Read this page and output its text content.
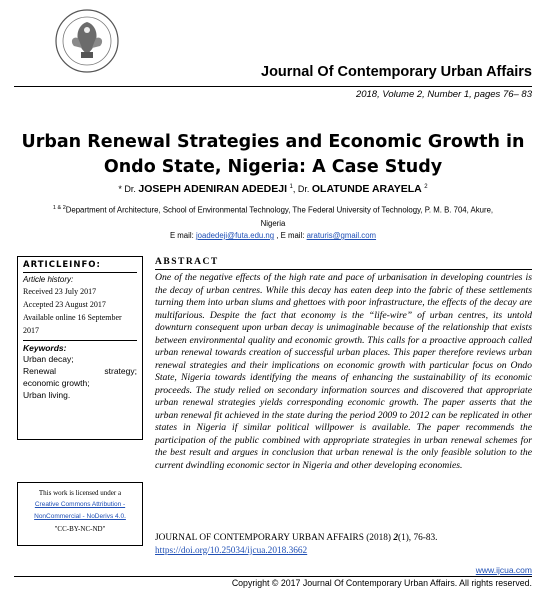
Journal Of Contemporary Urban Affairs
2018, Volume 2, Number 1, pages 76– 83
Urban Renewal Strategies and Economic Growth in
Ondo State, Nigeria: A Case Study
* Dr. JOSEPH ADENIRAN ADEDEJI $^1$, Dr. OLATUNDE ARAYELA $^2$
$^{1 \& 2}$Department of Architecture, School of Environmental Technology, The Federal University of Technology, P. M. B. 704, Akure,
Nigeria
E mail: joadedeji@futa.edu.ng , E mail: araturis@gmail.com
ARTICLEINFO:
Article history:
Received 23 July 2017
Accepted 23 August 2017
Available online 16 September
2017
Keywords:
Urban decay;
Renewal         strategy;
economic growth;
Urban living.
This work is licensed under a
Creative Commons Attribution -
NonCommercial - NoDerivs 4.0.
"CC-BY-NC-ND"
ABSTRACT
One of the negative effects of the high rate and pace of urbanisation in developing countries is the decay of urban centres. While this decay has eaten deep into the fabric of these settlements turning them into urban slums and ghettoes with poor infrastructure, the effects of the decay are multifarious. Despite the fact that economy is the “life-wire” of urban centres, its untold downturn consequent upon urban decay is unimaginable because of the relationship that exists between environmental quality and economic growth. This calls for a proactive approach called urban renewal towards creation of successful urban places. This paper therefore reviews urban renewal strategies and their implications on economic growth with particular focus on Ondo State, Nigeria towards identifying the means of enhancing the sustainability of its economic proceeds. The study relied on secondary information sources and discovered that appropriate urban renewal strategies yields corresponding economic growth. The paper asserts that the urban renewal fit achieved in the state during the period 2009 to 2012 can be replicated in other states in Nigeria if similar political willpower is available. The paper recommends the participation of the public combined with appropriate strategies in urban renewal schemes for the best result and argues in conclusion that urban renewal is the only feasible solution to the current dwindling economic sector in Nigeria and other developing economies.
JOURNAL OF CONTEMPORARY URBAN AFFAIRS (2018) 2(1), 76-83.
https://doi.org/10.25034/ijcua.2018.3662
www.ijcua.com
Copyright © 2017 Journal Of Contemporary Urban Affairs. All rights reserved.
